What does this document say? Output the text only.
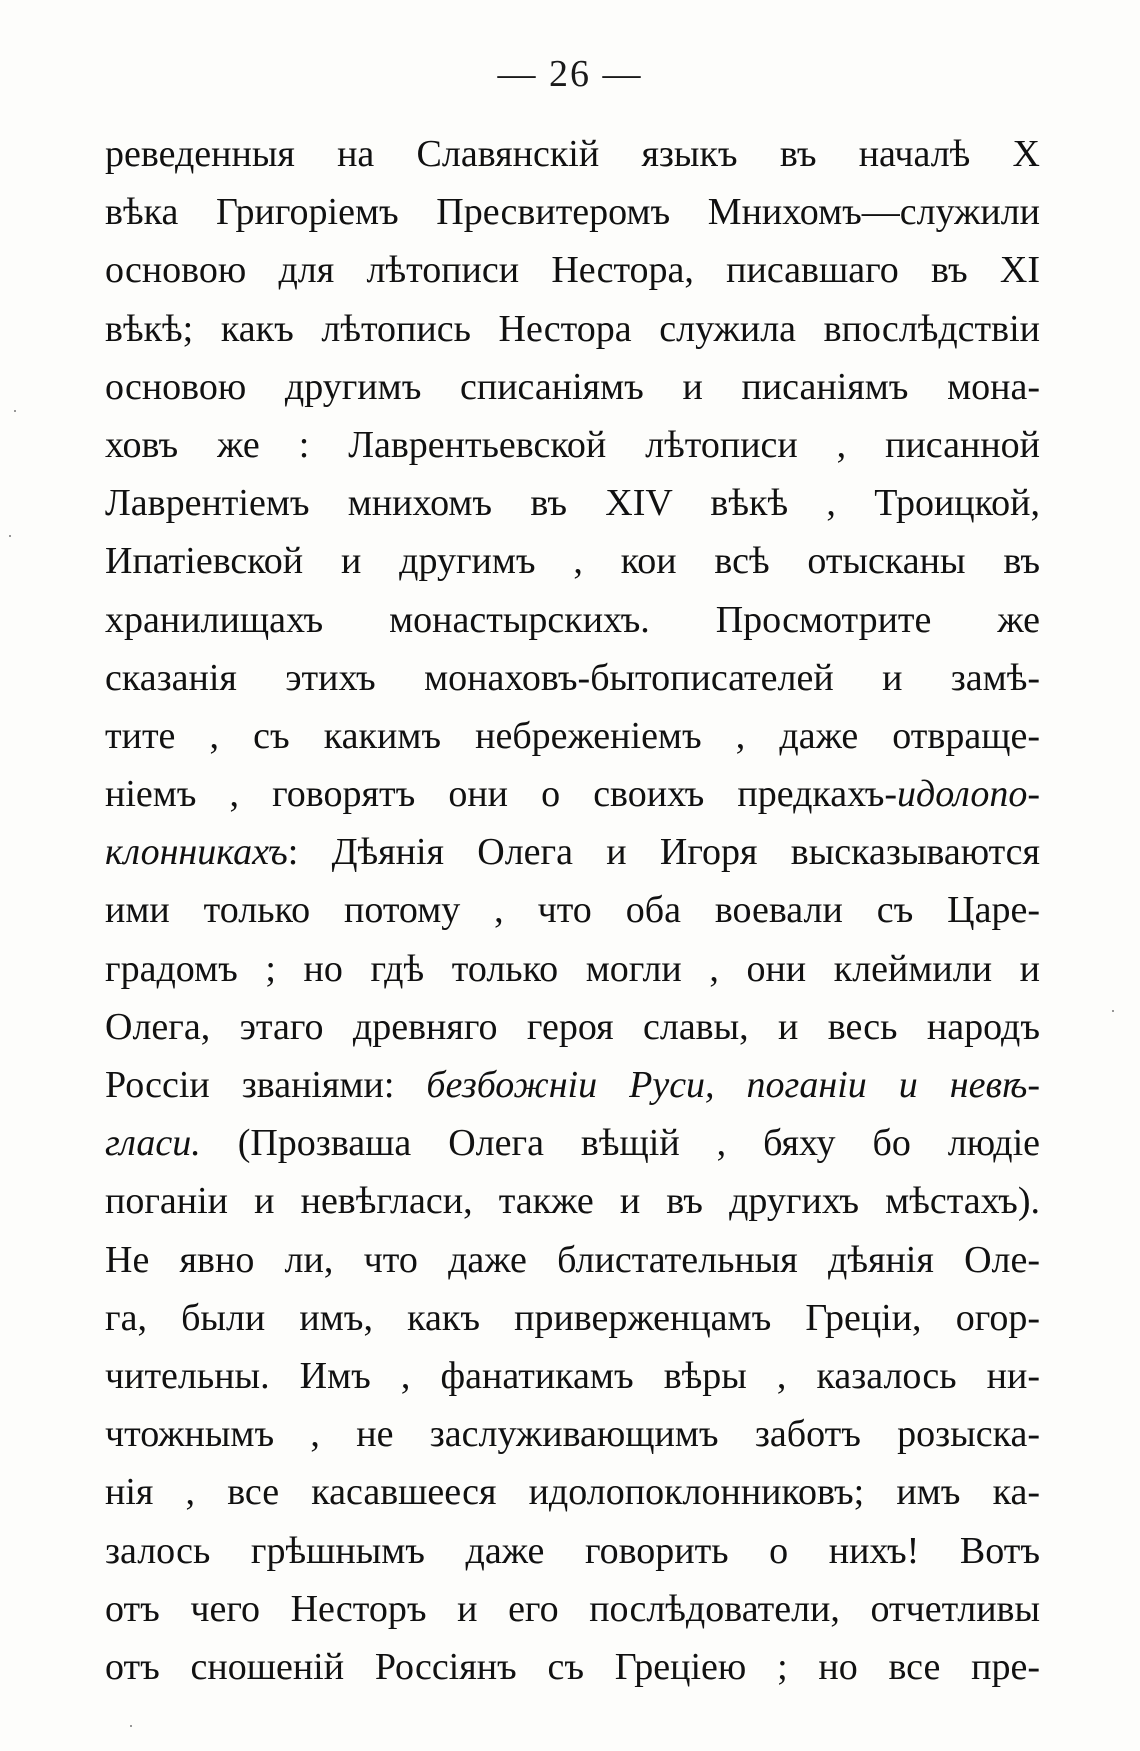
— 26 —
реведенныя на Славянскій языкъ въ началѣ X
вѣка Григоріемъ Пресвитеромъ Мнихомъ—служили
основою для лѣтописи Нестора, писавшаго въ XI
вѣкѣ; какъ лѣтопись Нестора служила впослѣдствіи
основою другимъ списаніямъ и писаніямъ мона-
ховъ же : Лаврентьевской лѣтописи , писанной
Лаврентіемъ мнихомъ въ XIV вѣкѣ , Троицкой,
Ипатіевской и другимъ , кои всѣ отысканы въ
хранилищахъ монастырскихъ. Просмотрите же
сказанія этихъ монаховъ-бытописателей и замѣ-
тите , съ какимъ небреженіемъ , даже отвраще-
ніемъ , говорятъ они о своихъ предкахъ-идолопо-
клонникахъ: Дѣянія Олега и Игоря высказываются
ими только потому , что оба воевали съ Царе-
градомъ ; но гдѣ только могли , они клеймили и
Олега, этаго древняго героя славы, и весь народъ
Россіи званіями: безбожніи Руси, поганіи и невѣ-
гласи. (Прозваша Олега вѣщій , бяху бо людіе
поганіи и невѣгласи, также и въ другихъ мѣстахъ).
Не явно ли, что даже блистательныя дѣянія Оле-
га, были имъ, какъ приверженцамъ Греціи, огор-
чительны. Имъ , фанатикамъ вѣры , казалось ни-
чтожнымъ , не заслуживающимъ заботъ розыска-
нія , все касавшееся идолопоклонниковъ; имъ ка-
залось грѣшнымъ даже говорить о нихъ! Вотъ
отъ чего Несторъ и его послѣдователи, отчетливы
отъ сношеній Россіянъ съ Греціею ; но все пре-
